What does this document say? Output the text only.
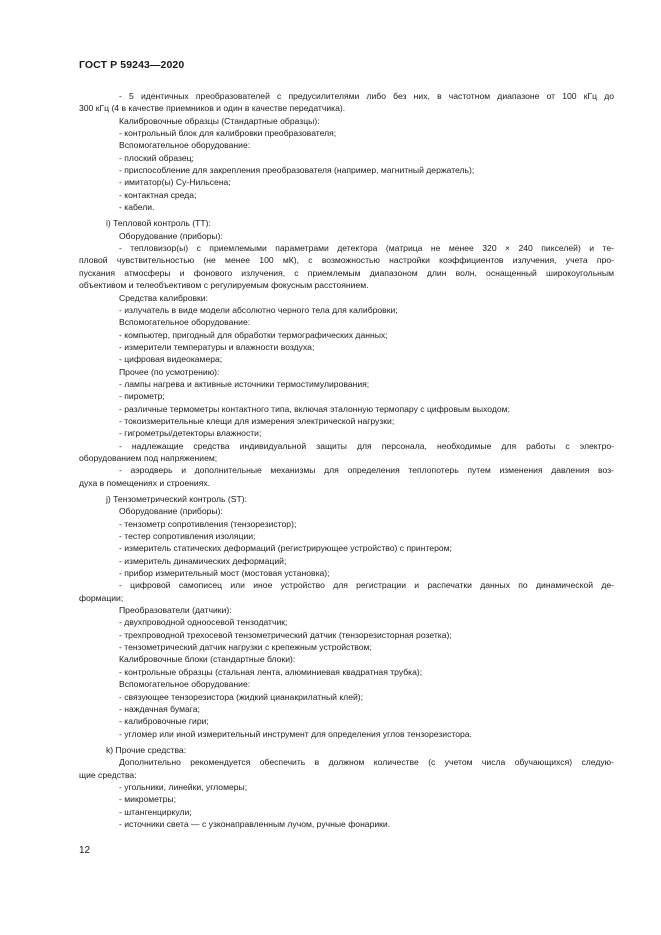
ГОСТ Р 59243—2020
- 5 идентичных преобразователей с предусилителями либо без них, в частотном диапазоне от 100 кГц до
300 кГц (4 в качестве приемников и один в качестве передатчика).
Калибровочные образцы (Стандартные образцы):
- контрольный блок для калибровки преобразователя;
Вспомогательное оборудование:
- плоский образец;
- приспособление для закрепления преобразователя (например, магнитный держатель);
- имитатор(ы) Су-Нильсена;
- контактная среда;
- кабели.
i) Тепловой контроль (ТТ):
Оборудование (приборы):
- тепловизор(ы) с приемлемыми параметрами детектора (матрица не менее 320 × 240 пикселей) и те-
пловой чувствительностью (не менее 100 мК), с возможностью настройки коэффициентов излучения, учета про-
пускания атмосферы и фонового излучения, с приемлемым диапазоном длин волн, оснащенный широкоугольным
объективом и телеобъективом с регулируемым фокусным расстоянием.
Средства калибровки:
- излучатель в виде модели абсолютно черного тела для калибровки;
Вспомогательное оборудование:
- компьютер, пригодный для обработки термографических данных;
- измерители температуры и влажности воздуха;
- цифровая видеокамера;
Прочее (по усмотрению):
- лампы нагрева и активные источники термостимулирования;
- пирометр;
- различные термометры контактного типа, включая эталонную термопару с цифровым выходом;
- токоизмерительные клещи для измерения электрической нагрузки;
- гигрометры/детекторы влажности;
- надлежащие средства индивидуальной защиты для персонала, необходимые для работы с электро-
оборудованием под напряжением;
- аэродверь и дополнительные механизмы для определения теплопотерь путем изменения давления воз-
духа в помещениях и строениях.
j) Тензометрический контроль (ST):
Оборудование (приборы):
- тензометр сопротивления (тензорезистор);
- тестер сопротивления изоляции;
- измеритель статических деформаций (регистрирующее устройство) с принтером;
- измеритель динамических деформаций;
- прибор измерительный мост (мостовая установка);
- цифровой самописец или иное устройство для регистрации и распечатки данных по динамической де-
формации;
Преобразователи (датчики):
- двухпроводной одноосевой тензодатчик;
- трехпроводной трехосевой тензометрический датчик (тензорезисторная розетка);
- тензометрический датчик нагрузки с крепежным устройством;
Калибровочные блоки (стандартные блоки):
- контрольные образцы (стальная лента, алюминиевая квадратная трубка);
Вспомогательное оборудование:
- связующее тензорезистора (жидкий цианакрилатный клей);
- наждачная бумага;
- калибровочные гири;
- угломер или иной измерительный инструмент для определения углов тензорезистора.
k) Прочие средства:
Дополнительно рекомендуется обеспечить в должном количестве (с учетом числа обучающихся) следую-
щие средства:
- угольники, линейки, угломеры;
- микрометры;
- штангенциркули;
- источники света — с узконаправленным лучом, ручные фонарики.
12
